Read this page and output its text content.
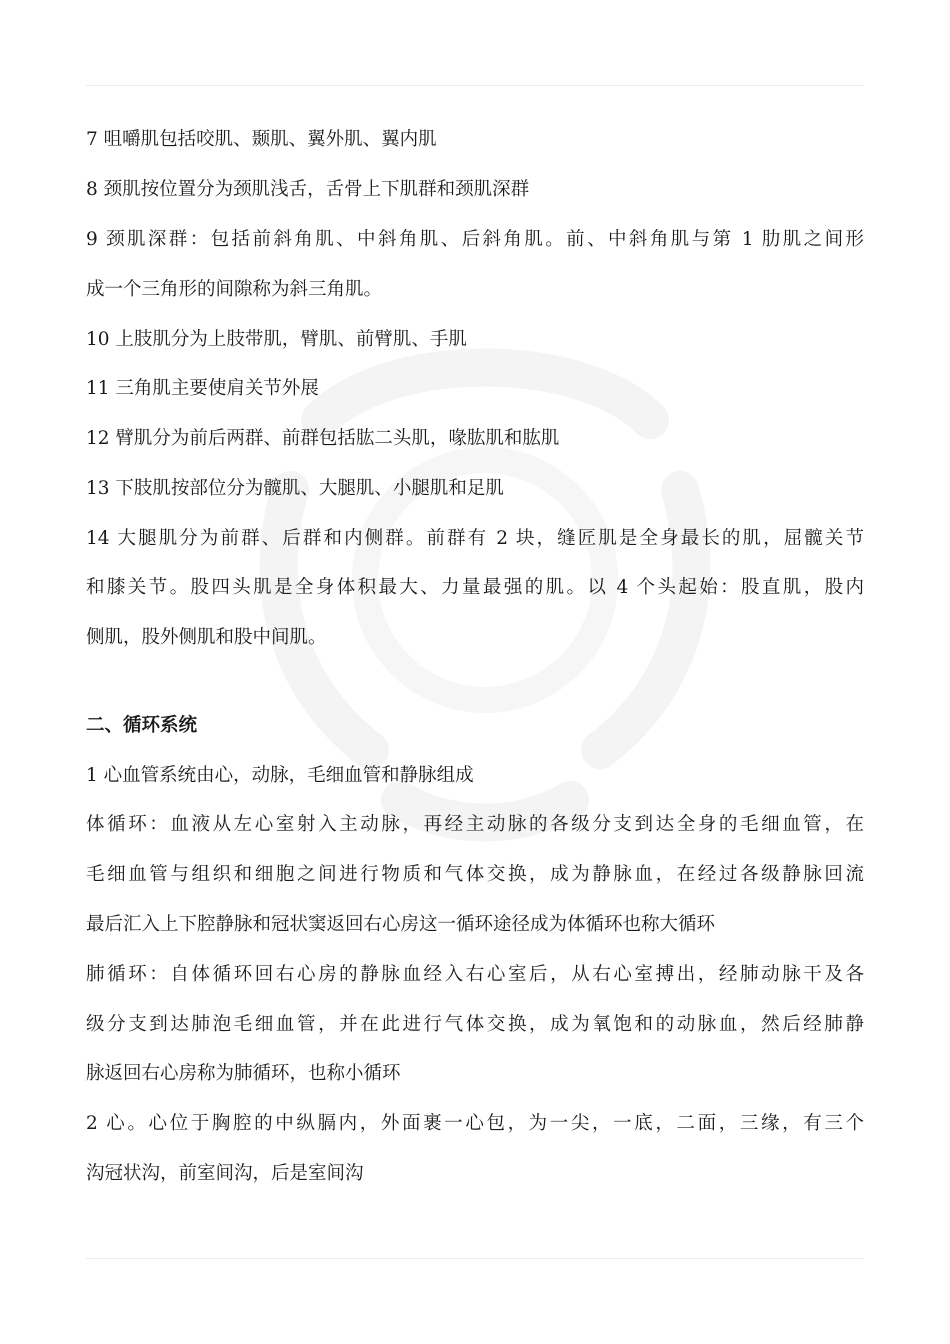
7 咀嚼肌包括咬肌、颞肌、翼外肌、翼内肌
8 颈肌按位置分为颈肌浅舌，舌骨上下肌群和颈肌深群
9 颈肌深群：包括前斜角肌、中斜角肌、后斜角肌。前、中斜角肌与第 1 肋肌之间形
成一个三角形的间隙称为斜三角肌。
10 上肢肌分为上肢带肌，臂肌、前臂肌、手肌
11 三角肌主要使肩关节外展
12 臂肌分为前后两群、前群包括肱二头肌，喙肱肌和肱肌
13 下肢肌按部位分为髋肌、大腿肌、小腿肌和足肌
14 大腿肌分为前群、后群和内侧群。前群有 2 块，缝匠肌是全身最长的肌，屈髋关节
和膝关节。股四头肌是全身体积最大、力量最强的肌。以 4 个头起始：股直肌，股内
侧肌，股外侧肌和股中间肌。
二、循环系统
1 心血管系统由心，动脉，毛细血管和静脉组成
体循环：血液从左心室射入主动脉，再经主动脉的各级分支到达全身的毛细血管，在
毛细血管与组织和细胞之间进行物质和气体交换，成为静脉血，在经过各级静脉回流
最后汇入上下腔静脉和冠状窦返回右心房这一循环途径成为体循环也称大循环
肺循环：自体循环回右心房的静脉血经入右心室后，从右心室搏出，经肺动脉干及各
级分支到达肺泡毛细血管，并在此进行气体交换，成为氧饱和的动脉血，然后经肺静
脉返回右心房称为肺循环，也称小循环
2 心。心位于胸腔的中纵膈内，外面裹一心包，为一尖，一底，二面，三缘，有三个
沟冠状沟，前室间沟，后是室间沟
